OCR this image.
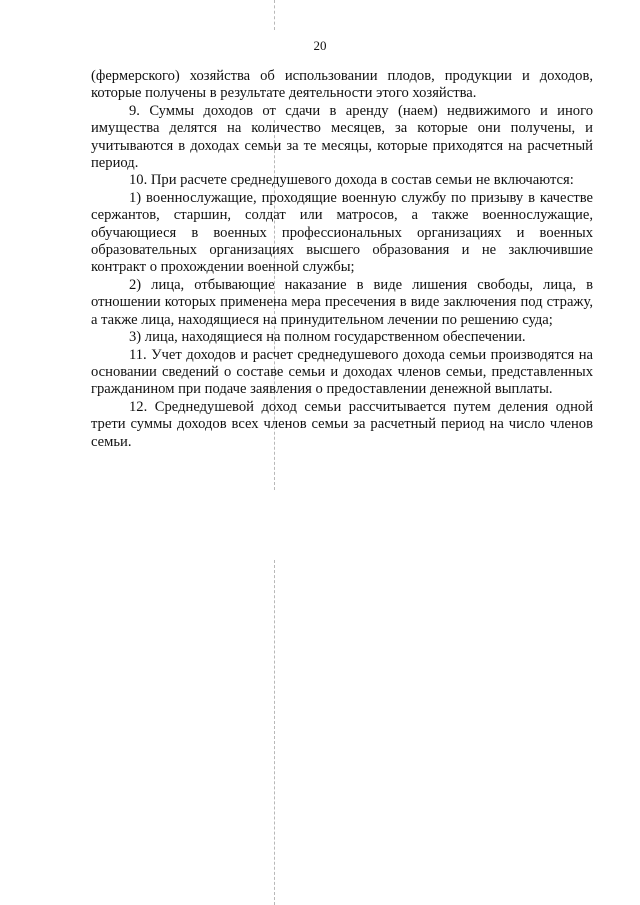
20

(фермерского) хозяйства об использовании плодов, продукции и доходов, которые получены в результате деятельности этого хозяйства.

9. Суммы доходов от сдачи в аренду (наем) недвижимого и иного имущества делятся на количество месяцев, за которые они получены, и учитываются в доходах семьи за те месяцы, которые приходятся на расчетный период.

10. При расчете среднедушевого дохода в состав семьи не включаются:

1) военнослужащие, проходящие военную службу по призыву в качестве сержантов, старшин, солдат или матросов, а также военнослужащие, обучающиеся в военных профессиональных организациях и военных образовательных организациях высшего образования и не заключившие контракт о прохождении военной службы;

2) лица, отбывающие наказание в виде лишения свободы, лица, в отношении которых применена мера пресечения в виде заключения под стражу, а также лица, находящиеся на принудительном лечении по решению суда;

3) лица, находящиеся на полном государственном обеспечении.

11. Учет доходов и расчет среднедушевого дохода семьи производятся на основании сведений о составе семьи и доходах членов семьи, представленных гражданином при подаче заявления о предоставлении денежной выплаты.

12. Среднедушевой доход семьи рассчитывается путем деления одной трети суммы доходов всех членов семьи за расчетный период на число членов семьи.
